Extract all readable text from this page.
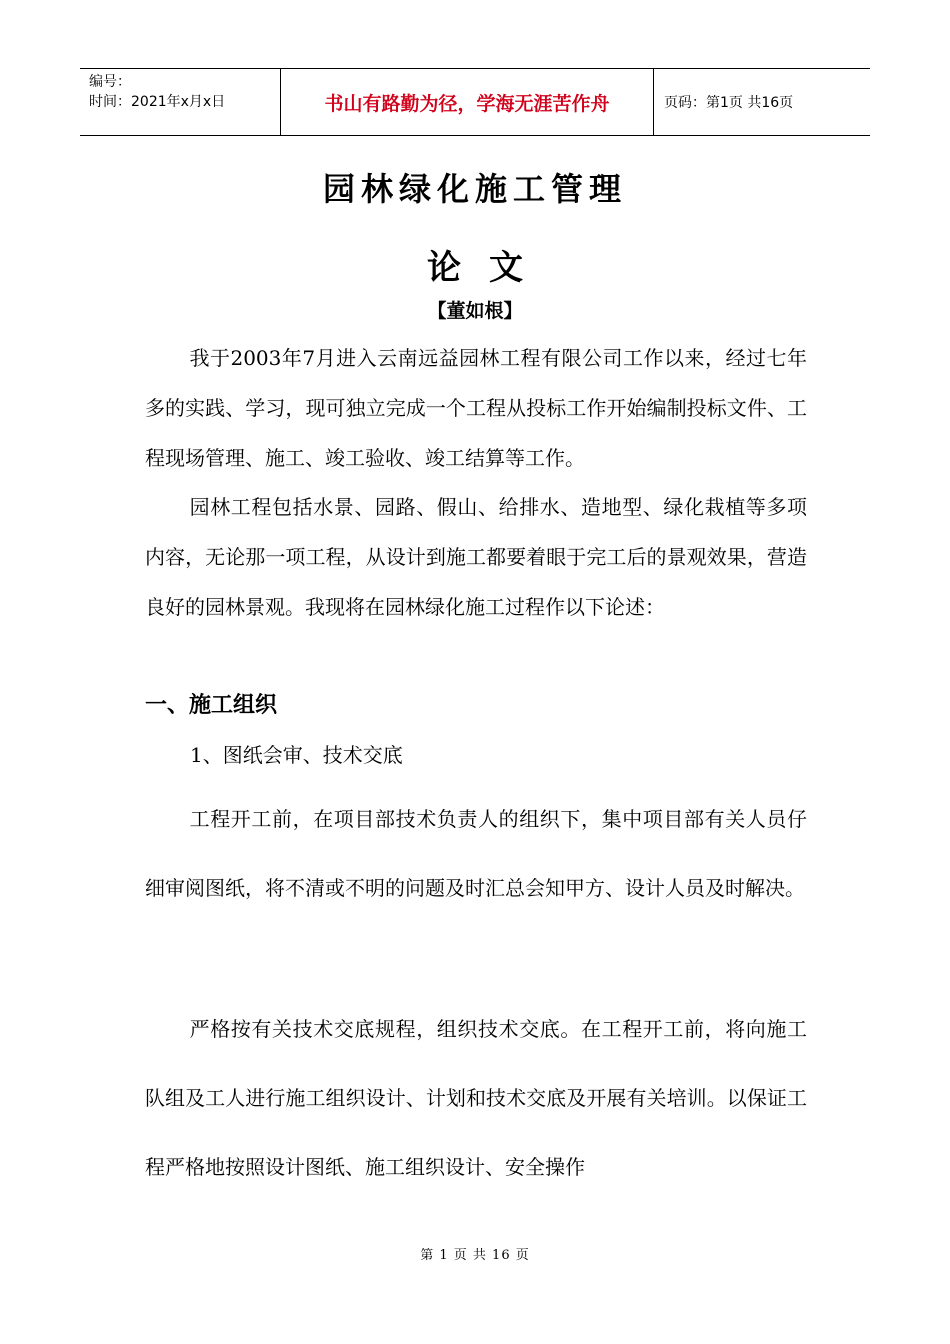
编号：
时间：2021年x月x日	书山有路勤为径，学海无涯苦作舟	页码：第1页 共16页
园林绿化施工管理
论文
【董如根】
我于2003年7月进入云南远益园林工程有限公司工作以来，经过七年多的实践、学习，现可独立完成一个工程从投标工作开始编制投标文件、工程现场管理、施工、竣工验收、竣工结算等工作。
园林工程包括水景、园路、假山、给排水、造地型、绿化栽植等多项内容，无论那一项工程，从设计到施工都要着眼于完工后的景观效果，营造良好的园林景观。我现将在园林绿化施工过程作以下论述：
一、施工组织
1、图纸会审、技术交底
工程开工前，在项目部技术负责人的组织下，集中项目部有关人员仔细审阅图纸，将不清或不明的问题及时汇总会知甲方、设计人员及时解决。
严格按有关技术交底规程，组织技术交底。在工程开工前，将向施工队组及工人进行施工组织设计、计划和技术交底及开展有关培训。以保证工程严格地按照设计图纸、施工组织设计、安全操作
第 1 页 共 16 页
